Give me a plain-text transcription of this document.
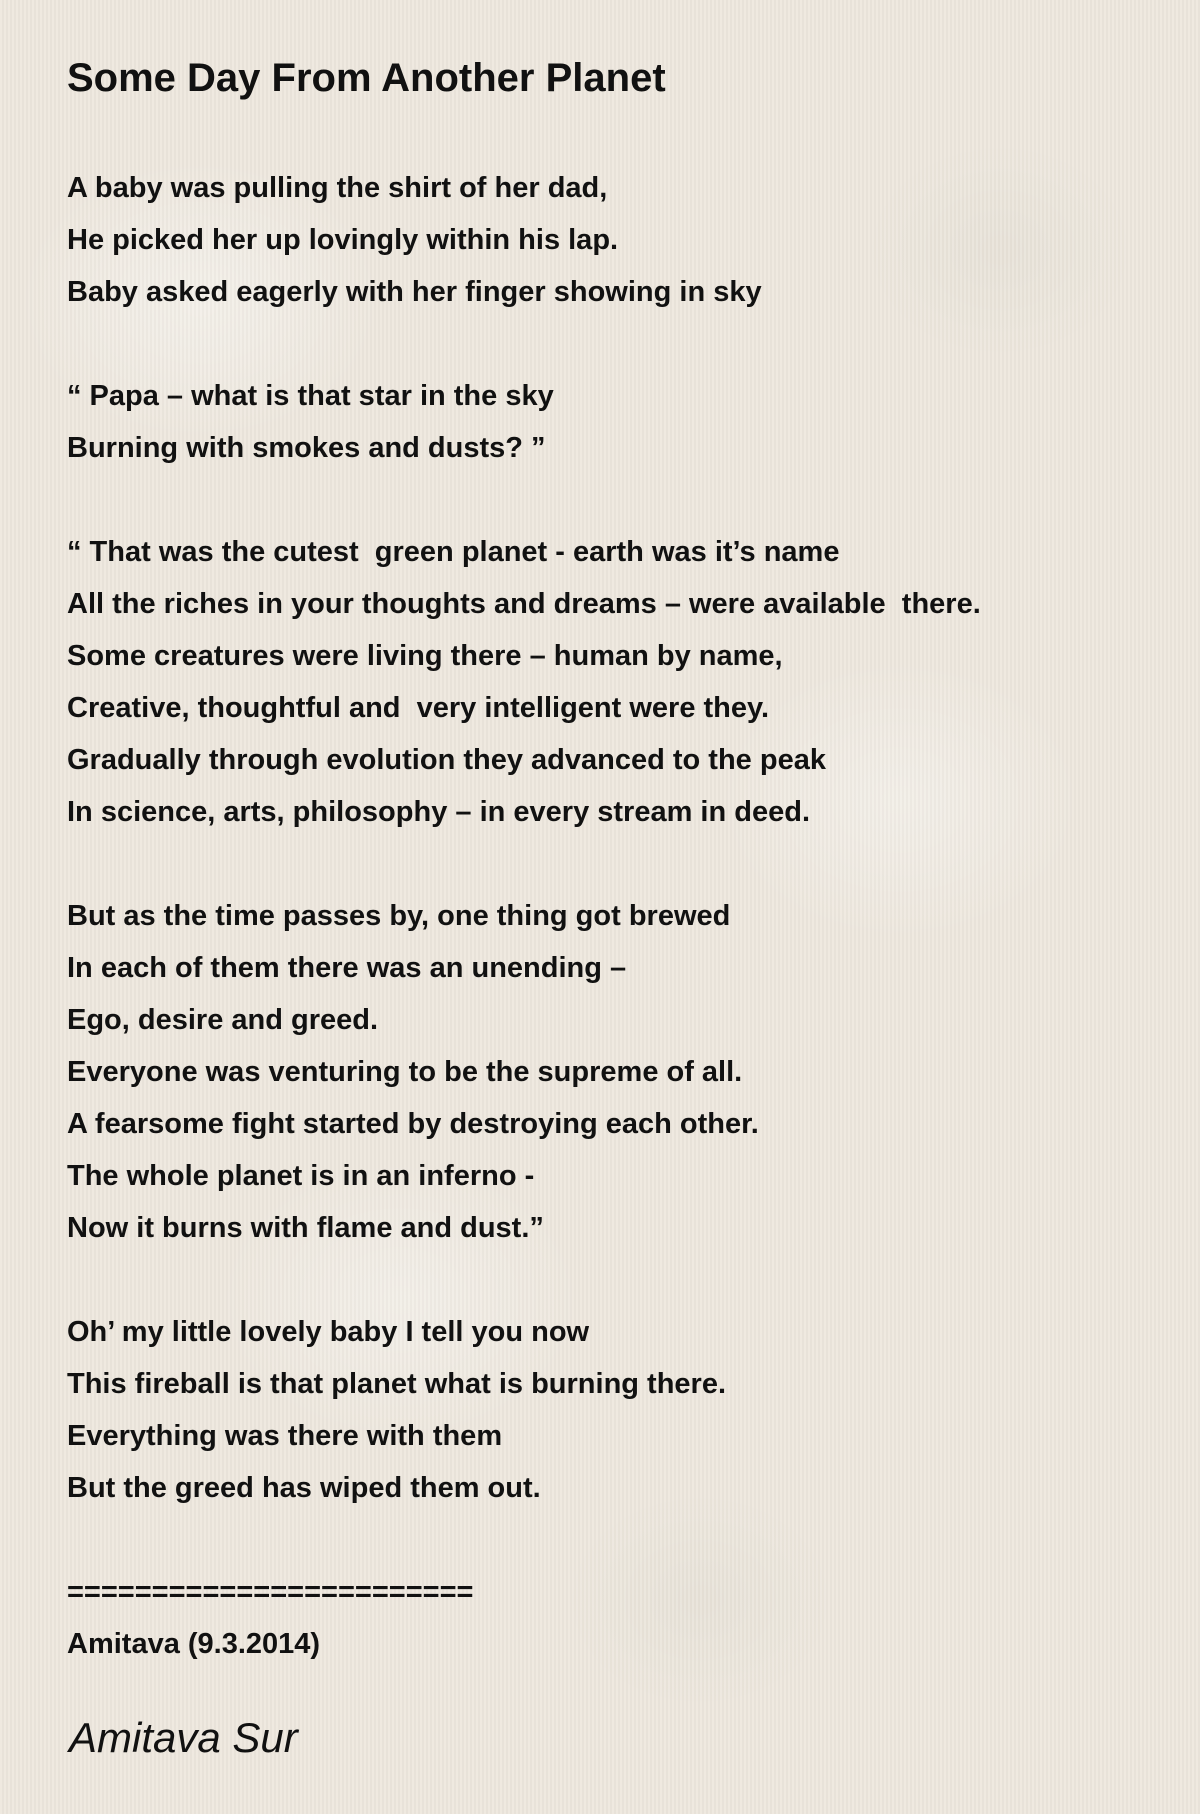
Some Day From Another Planet
A baby was pulling the shirt of her dad,
He picked her up lovingly within his lap.
Baby asked eagerly with her finger showing in sky
“ Papa – what is that star in the sky
Burning with smokes and dusts? ”
“ That was the cutest  green planet - earth was it’s name
All the riches in your thoughts and dreams – were available  there.
Some creatures were living there – human by name,
Creative, thoughtful and  very intelligent were they.
Gradually through evolution they advanced to the peak
In science, arts, philosophy – in every stream in deed.
But as the time passes by, one thing got brewed
In each of them there was an unending –
Ego, desire and greed.
Everyone was venturing to be the supreme of all.
A fearsome fight started by destroying each other.
The whole planet is in an inferno -
Now it burns with flame and dust.”
Oh’ my little lovely baby I tell you now
This fireball is that planet what is burning there.
Everything was there with them
But the greed has wiped them out.
========================
Amitava (9.3.2014)
Amitava Sur
